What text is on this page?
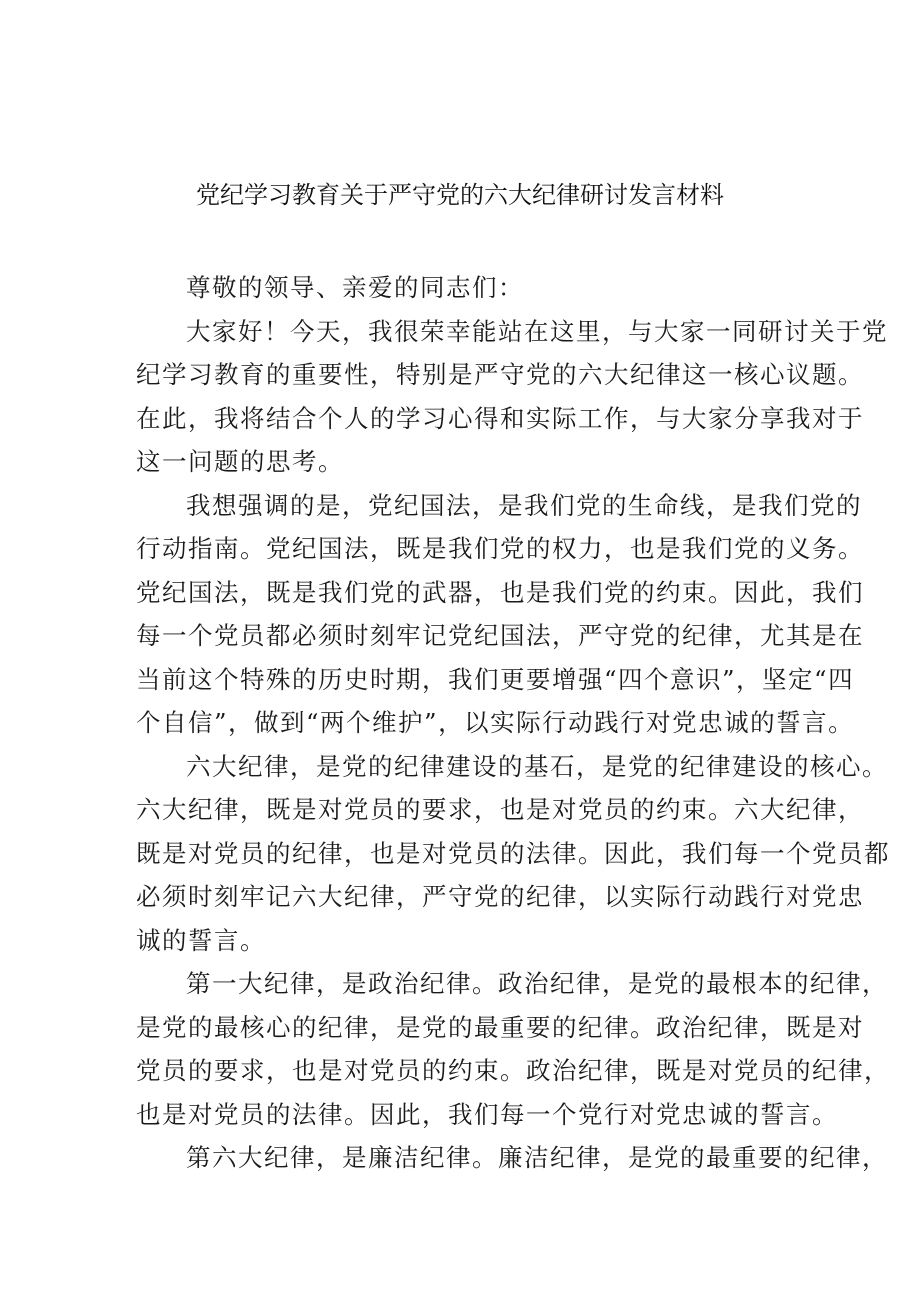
党纪学习教育关于严守党的六大纪律研讨发言材料
尊敬的领导、亲爱的同志们：
大家好！今天，我很荣幸能站在这里，与大家一同研讨关于党
纪学习教育的重要性，特别是严守党的六大纪律这一核心议题。
在此，我将结合个人的学习心得和实际工作，与大家分享我对于
这一问题的思考。
我想强调的是，党纪国法，是我们党的生命线，是我们党的
行动指南。党纪国法，既是我们党的权力，也是我们党的义务。
党纪国法，既是我们党的武器，也是我们党的约束。因此，我们
每一个党员都必须时刻牢记党纪国法，严守党的纪律，尤其是在
当前这个特殊的历史时期，我们更要增强“四个意识”，坚定“四
个自信”，做到“两个维护”，以实际行动践行对党忠诚的誓言。
六大纪律，是党的纪律建设的基石，是党的纪律建设的核心。
六大纪律，既是对党员的要求，也是对党员的约束。六大纪律，
既是对党员的纪律，也是对党员的法律。因此，我们每一个党员都
必须时刻牢记六大纪律，严守党的纪律，以实际行动践行对党忠
诚的誓言。
第一大纪律，是政治纪律。政治纪律，是党的最根本的纪律，
是党的最核心的纪律，是党的最重要的纪律。政治纪律，既是对
党员的要求，也是对党员的约束。政治纪律，既是对党员的纪律，
也是对党员的法律。因此，我们每一个党行对党忠诚的誓言。
第六大纪律，是廉洁纪律。廉洁纪律，是党的最重要的纪律，
